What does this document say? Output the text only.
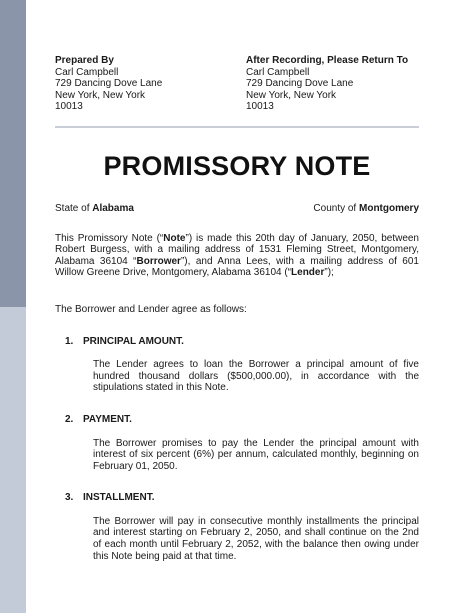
Prepared By
Carl Campbell
729 Dancing Dove Lane
New York, New York
10013
After Recording, Please Return To
Carl Campbell
729 Dancing Dove Lane
New York, New York
10013
PROMISSORY NOTE
State of Alabama	County of Montgomery
This Promissory Note (“Note”) is made this 20th day of January, 2050, between Robert Burgess, with a mailing address of 1531 Fleming Street, Montgomery, Alabama 36104 “Borrower”), and Anna Lees, with a mailing address of 601 Willow Greene Drive, Montgomery, Alabama 36104 (“Lender”);
The Borrower and Lender agree as follows:
1. PRINCIPAL AMOUNT.
The Lender agrees to loan the Borrower a principal amount of five hundred thousand dollars ($500,000.00), in accordance with the stipulations stated in this Note.
2. PAYMENT.
The Borrower promises to pay the Lender the principal amount with interest of six percent (6%) per annum, calculated monthly, beginning on February 01, 2050.
3. INSTALLMENT.
The Borrower will pay in consecutive monthly installments the principal and interest starting on February 2, 2050, and shall continue on the 2nd of each month until February 2, 2052, with the balance then owing under this Note being paid at that time.
